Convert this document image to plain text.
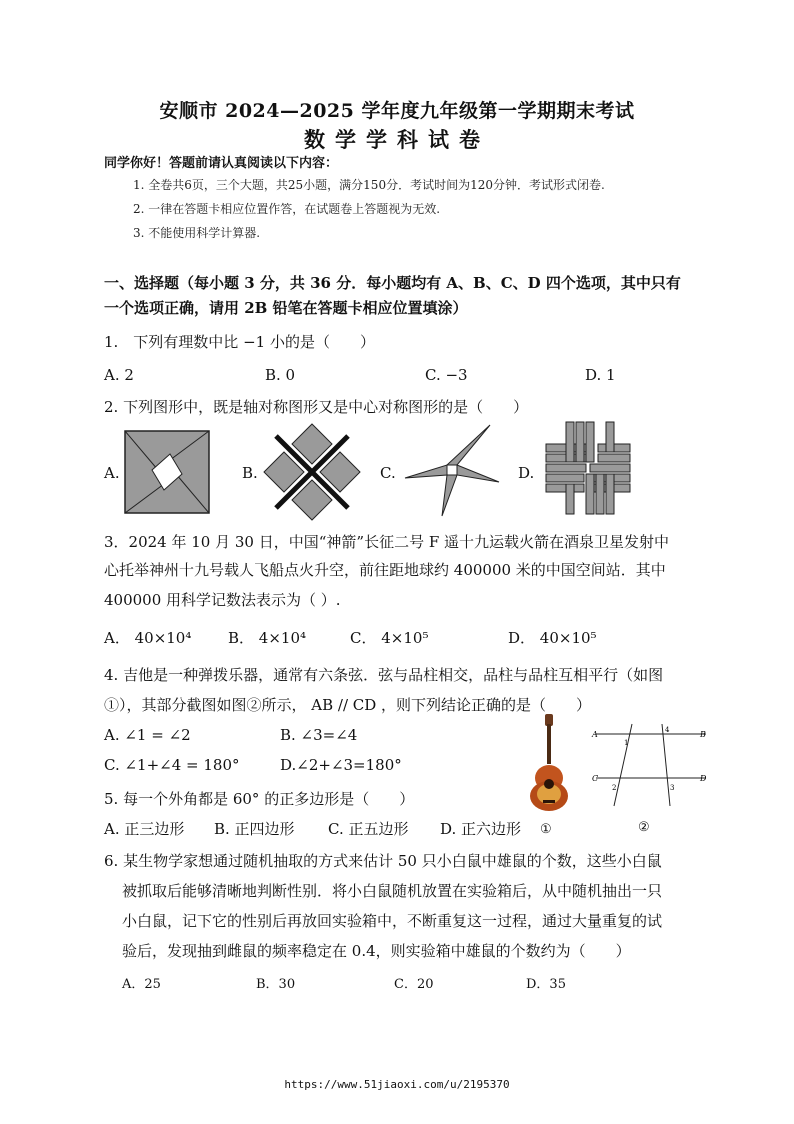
安顺市 2024—2025 学年度九年级第一学期期末考试
数学学科试卷
同学你好！答题前请认真阅读以下内容：
1. 全卷共6页，三个大题，共25小题，满分150分．考试时间为120分钟．考试形式闭卷.
2. 一律在答题卡相应位置作答，在试题卷上答题视为无效.
3. 不能使用科学计算器.
一、选择题（每小题 3 分，共 36 分．每小题均有 A、B、C、D 四个选项，其中只有
一个选项正确，请用 2B 铅笔在答题卡相应位置填涂）
1.　下列有理数中比 −1 小的是（　　）
A. 2	B. 0	C. −3	D. 1
2. 下列图形中，既是轴对称图形又是中心对称图形的是（　　）
A.	B.	C.	D.
3．2024 年 10 月 30 日，中国“神箭”长征二号 F 遥十九运载火箭在酒泉卫星发射中
心托举神州十九号载人飞船点火升空，前往距地球约 400000 米的中国空间站．其中
400000 用科学记数法表示为（ ）.
A． 40×10⁴ B． 4×10⁴	C． 4×10⁵	D． 40×10⁵
4. 吉他是一种弹拨乐器，通常有六条弦．弦与品柱相交，品柱与品柱互相平行（如图
①），其部分截图如图②所示， AB // CD ，则下列结论正确的是（　　）
A. ∠1 = ∠2	B. ∠3=∠4
C. ∠1+∠4 = 180°	D.∠2+∠3=180°
A	B
C	D
1
2	3
4
5. 每一个外角都是 60° 的正多边形是（　　）
A. 正三边形 B. 正四边形 C. 正五边形 D. 正六边形 ①	②
6. 某生物学家想通过随机抽取的方式来估计 50 只小白鼠中雄鼠的个数，这些小白鼠
被抓取后能够清晰地判断性别．将小白鼠随机放置在实验箱后，从中随机抽出一只
小白鼠，记下它的性别后再放回实验箱中，不断重复这一过程，通过大量重复的试
验后，发现抽到雌鼠的频率稳定在 0.4，则实验箱中雄鼠的个数约为（　　）
A．25	B．30	C．20	D．35
https://www.51jiaoxi.com/u/2195370
